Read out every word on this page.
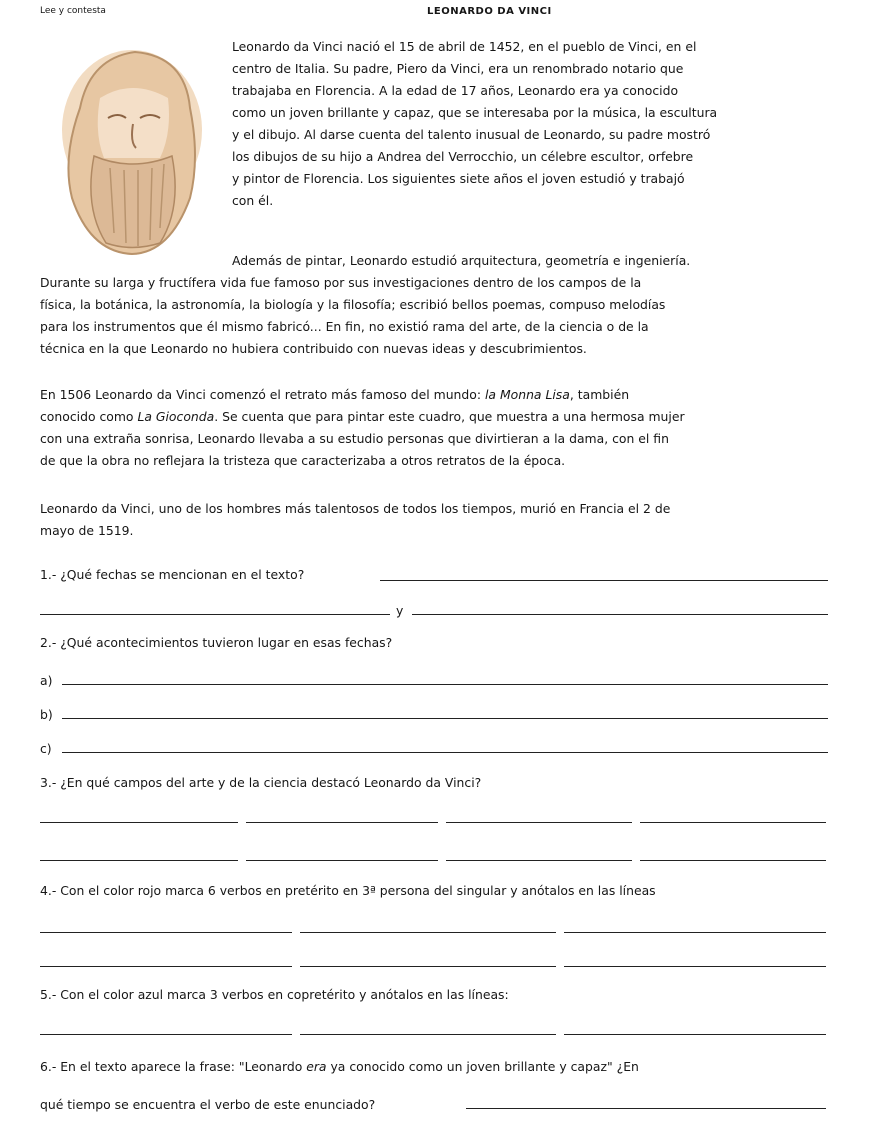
Lee y contesta	LEONARDO DA VINCI
Leonardo da Vinci nació el 15 de abril de 1452, en el pueblo de Vinci, en el
centro de Italia. Su padre, Piero da Vinci, era un renombrado notario que
trabajaba en Florencia. A la edad de 17 años, Leonardo era ya conocido
como un joven brillante y capaz, que se interesaba por la música, la escultura
y el dibujo. Al darse cuenta del talento inusual de Leonardo, su padre mostró
los dibujos de su hijo a Andrea del Verrocchio, un célebre escultor, orfebre
y pintor de Florencia. Los siguientes siete años el joven estudió y trabajó
con él.
Además de pintar, Leonardo estudió arquitectura, geometría e ingeniería.
Durante su larga y fructífera vida fue famoso por sus investigaciones dentro de los campos de la
física, la botánica, la astronomía, la biología y la filosofía; escribió bellos poemas, compuso melodías
para los instrumentos que él mismo fabricó... En fin, no existió rama del arte, de la ciencia o de la
técnica en la que Leonardo no hubiera contribuido con nuevas ideas y descubrimientos.
En 1506 Leonardo da Vinci comenzó el retrato más famoso del mundo: la Monna Lisa, también
conocido como La Gioconda. Se cuenta que para pintar este cuadro, que muestra a una hermosa mujer
con una extraña sonrisa, Leonardo llevaba a su estudio personas que divirtieran a la dama, con el fin
de que la obra no reflejara la tristeza que caracterizaba a otros retratos de la época.
Leonardo da Vinci, uno de los hombres más talentosos de todos los tiempos, murió en Francia el 2 de
mayo de 1519.
1.- ¿Qué fechas se mencionan en el texto?
y
2.- ¿Qué acontecimientos tuvieron lugar en esas fechas?
a)
b)
c)
3.- ¿En qué campos del arte y de la ciencia destacó Leonardo da Vinci?
4.- Con el color rojo marca 6 verbos en pretérito en 3ª persona del singular y anótalos en las líneas
5.- Con el color azul marca 3 verbos en copretérito y anótalos en las líneas:
6.- En el texto aparece la frase: "Leonardo era ya conocido como un joven brillante y capaz" ¿En
qué tiempo se encuentra el verbo de este enunciado?
